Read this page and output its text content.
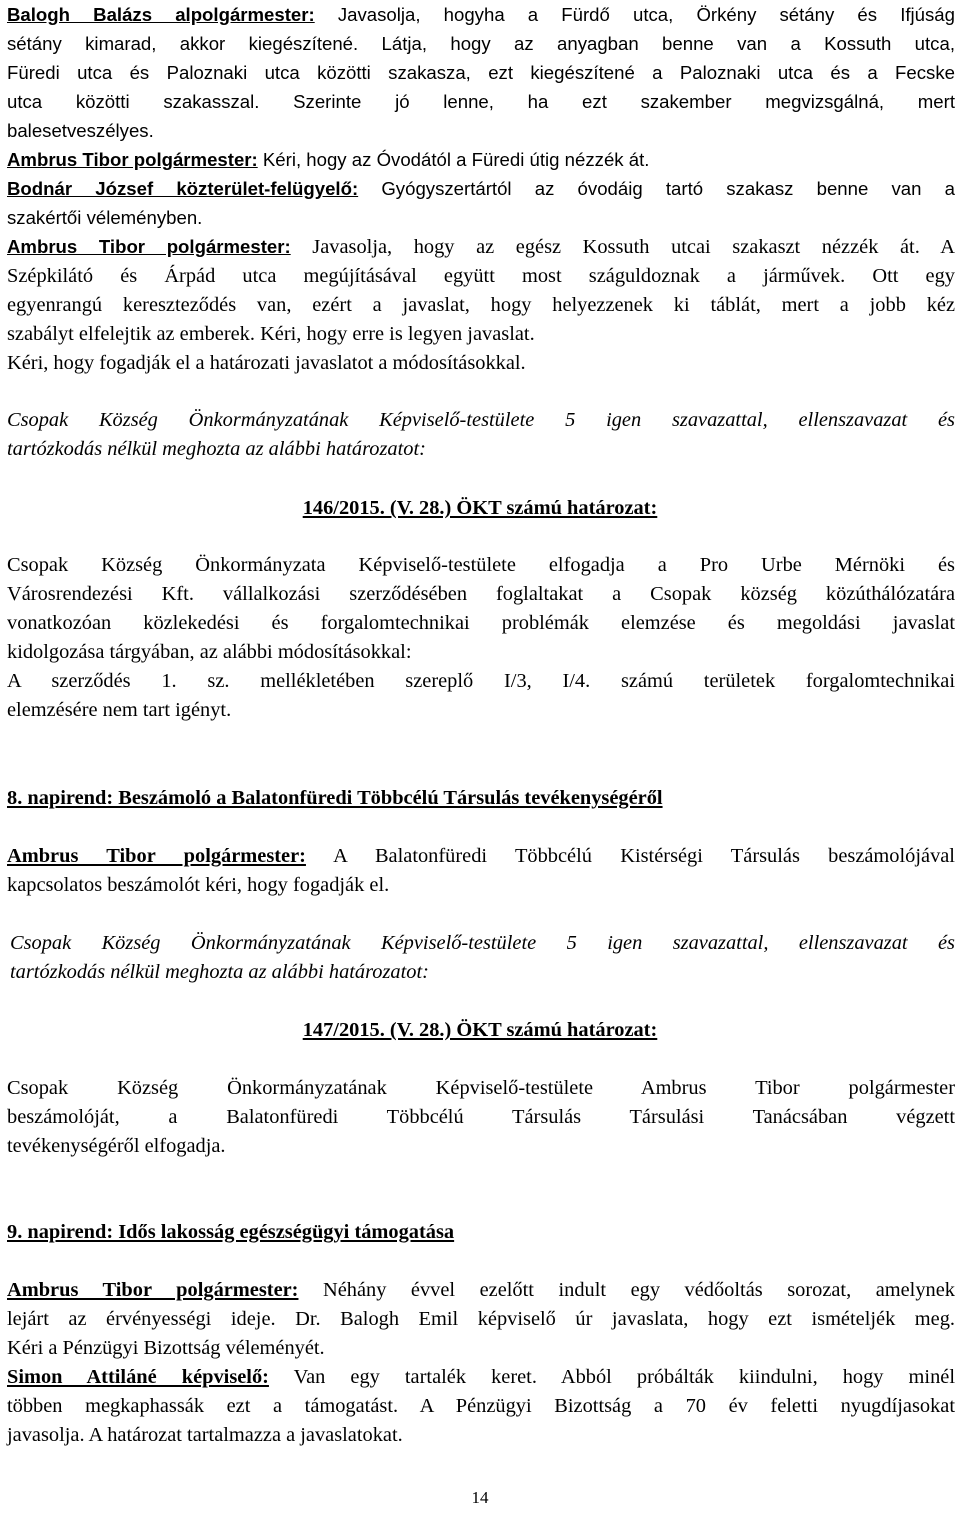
Balogh Balázs alpolgármester: Javasolja, hogyha a Fürdő utca, Örkény sétány és Ifjúság
sétány kimarad, akkor kiegészítené. Látja, hogy az anyagban benne van a Kossuth utca,
Füredi utca és Paloznaki utca közötti szakasza, ezt kiegészítené a Paloznaki utca és a Fecske
utca közötti szakasszal. Szerinte jó lenne, ha ezt szakember megvizsgálná, mert
balesetveszélyes.
Ambrus Tibor polgármester: Kéri, hogy az Óvodától a Füredi útig nézzék át.
Bodnár József közterület-felügyelő: Gyógyszertártól az óvodáig tartó szakasz benne van a
szakértői véleményben.
Ambrus Tibor polgármester: Javasolja, hogy az egész Kossuth utcai szakaszt nézzék át. A
Szépkilátó és Árpád utca megújításával együtt most száguldoznak a járművek. Ott egy
egyenrangú kereszteződés van, ezért a javaslat, hogy helyezzenek ki táblát, mert a jobb kéz
szabályt elfelejtik az emberek. Kéri, hogy erre is legyen javaslat.
Kéri, hogy fogadják el a határozati javaslatot a módosításokkal.
Csopak Község Önkormányzatának Képviselő-testülete 5 igen szavazattal, ellenszavazat és
tartózkodás nélkül meghozta az alábbi határozatot:

146/2015. (V. 28.) ÖKT számú határozat:

Csopak Község Önkormányzata Képviselő-testülete elfogadja a Pro Urbe Mérnöki és
Városrendezési Kft. vállalkozási szerződésében foglaltakat a Csopak község közúthálózatára
vonatkozóan közlekedési és forgalomtechnikai problémák elemzése és megoldási javaslat
kidolgozása tárgyában, az alábbi módosításokkal:
A szerződés 1. sz. mellékletében szereplő I/3, I/4. számú területek forgalomtechnikai
elemzésére nem tart igényt.
8. napirend: Beszámoló a Balatonfüredi Többcélú Társulás tevékenységéről
Ambrus Tibor polgármester: A Balatonfüredi Többcélú Kistérségi Társulás beszámolójával
kapcsolatos beszámolót kéri, hogy fogadják el.
Csopak Község Önkormányzatának Képviselő-testülete 5 igen szavazattal, ellenszavazat és
tartózkodás nélkül meghozta az alábbi határozatot:

147/2015. (V. 28.) ÖKT számú határozat:

Csopak Község Önkormányzatának Képviselő-testülete Ambrus Tibor polgármester
beszámolóját, a Balatonfüredi Többcélú Társulás Társulási Tanácsában végzett
tevékenységéről elfogadja.
9. napirend: Idős lakosság egészségügyi támogatása
Ambrus Tibor polgármester: Néhány évvel ezelőtt indult egy védőoltás sorozat, amelynek
lejárt az érvényességi ideje. Dr. Balogh Emil képviselő úr javaslata, hogy ezt ismételjék meg.
Kéri a Pénzügyi Bizottság véleményét.
Simon Attiláné képviselő: Van egy tartalék keret. Abból próbálták kiindulni, hogy minél
többen megkaphassák ezt a támogatást. A Pénzügyi Bizottság a 70 év feletti nyugdíjasokat
javasolja. A határozat tartalmazza a javaslatokat.
14
